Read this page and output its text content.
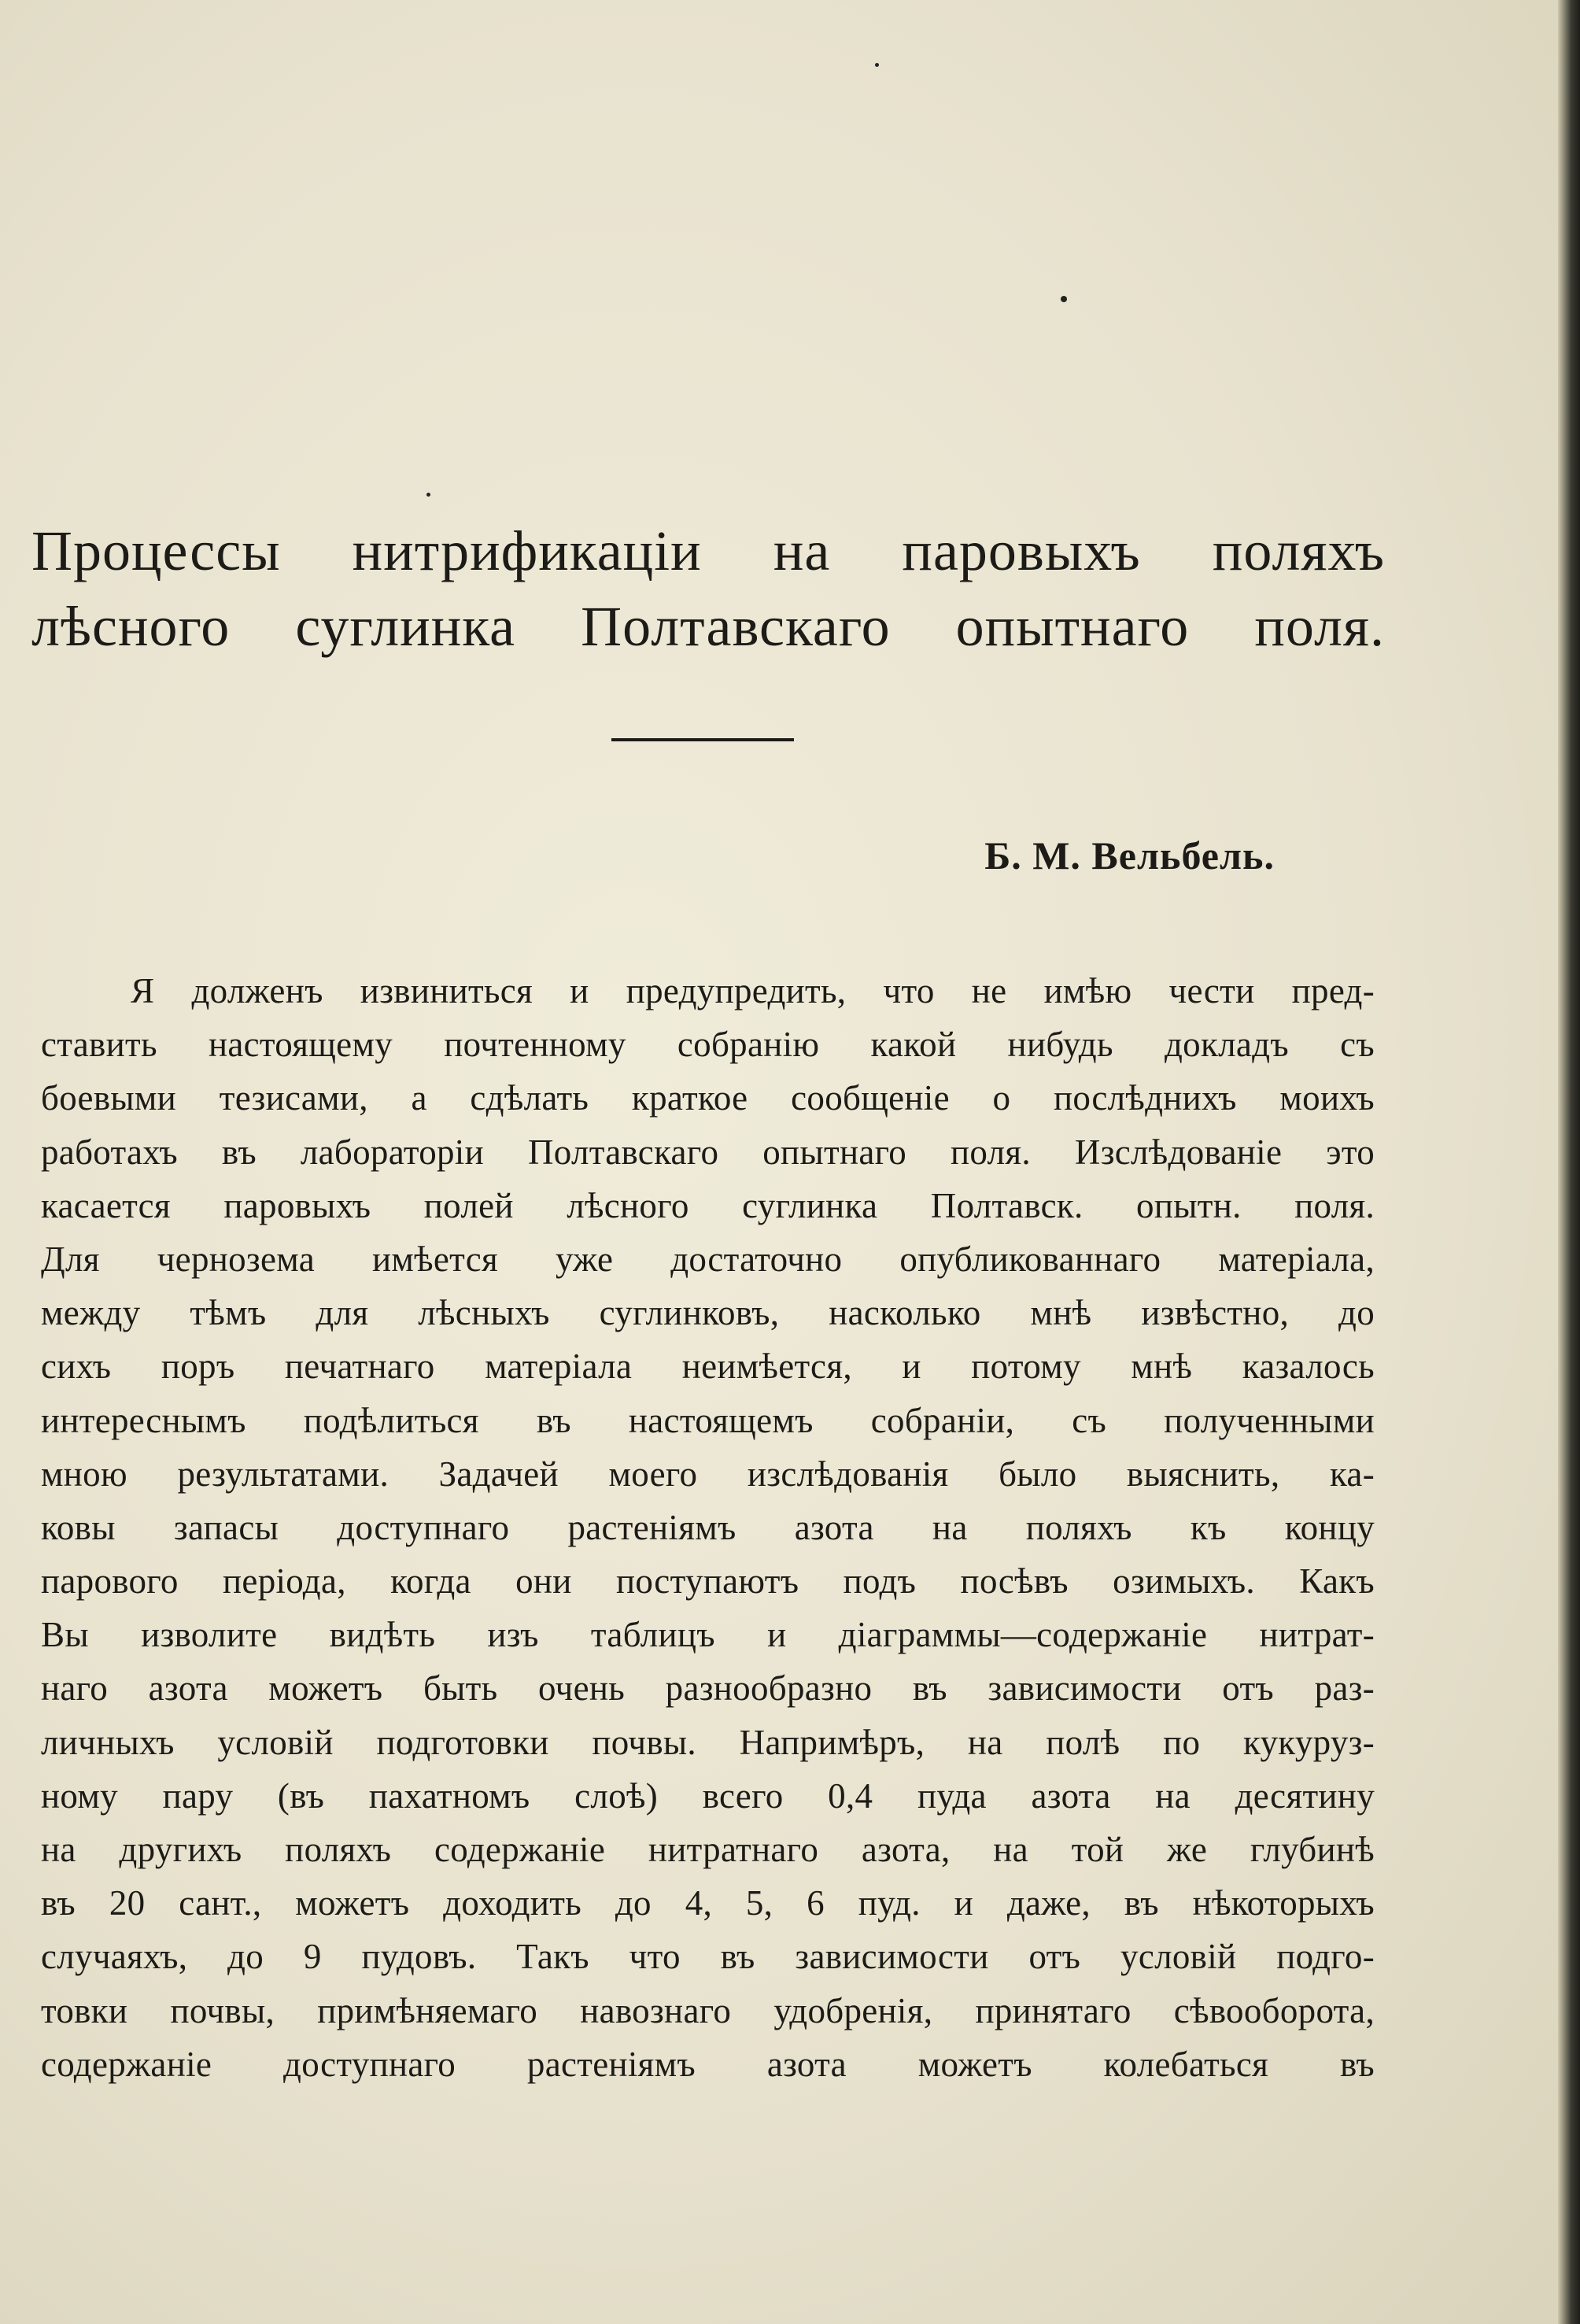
Процессы нитрификаціи на паровыхъ поляхъ
лѣсного суглинка Полтавскаго опытнаго поля.

Б. М. Вельбель.

Я долженъ извиниться и предупредить, что не имѣю чести пред-
ставить настоящему почтенному собранію какой нибудь докладъ съ
боевыми тезисами, а сдѣлать краткое сообщеніе о послѣднихъ моихъ
работахъ въ лабораторіи Полтавскаго опытнаго поля. Изслѣдованіе это
касается паровыхъ полей лѣсного суглинка Полтавск. опытн. поля.
Для чернозема имѣется уже достаточно опубликованнаго матеріала,
между тѣмъ для лѣсныхъ суглинковъ, насколько мнѣ извѣстно, до
сихъ поръ печатнаго матеріала неимѣется, и потому мнѣ казалось
интереснымъ подѣлиться въ настоящемъ собраніи, съ полученными
мною результатами. Задачей моего изслѣдованія было выяснить, ка-
ковы запасы доступнаго растеніямъ азота на поляхъ къ концу
парового періода, когда они поступаютъ подъ посѣвъ озимыхъ. Какъ
Вы изволите видѣть изъ таблицъ и діаграммы—содержаніе нитрат-
наго азота можетъ быть очень разнообразно въ зависимости отъ раз-
личныхъ условій подготовки почвы. Напримѣръ, на полѣ по кукуруз-
ному пару (въ пахатномъ слоѣ) всего 0,4 пуда азота на десятину
на другихъ поляхъ содержаніе нитратнаго азота, на той же глубинѣ
въ 20 сант., можетъ доходить до 4, 5, 6 пуд. и даже, въ нѣкоторыхъ
случаяхъ, до 9 пудовъ. Такъ что въ зависимости отъ условій подго-
товки почвы, примѣняемаго навознаго удобренія, принятаго сѣвооборота,
содержаніе доступнаго растеніямъ азота можетъ колебаться въ
